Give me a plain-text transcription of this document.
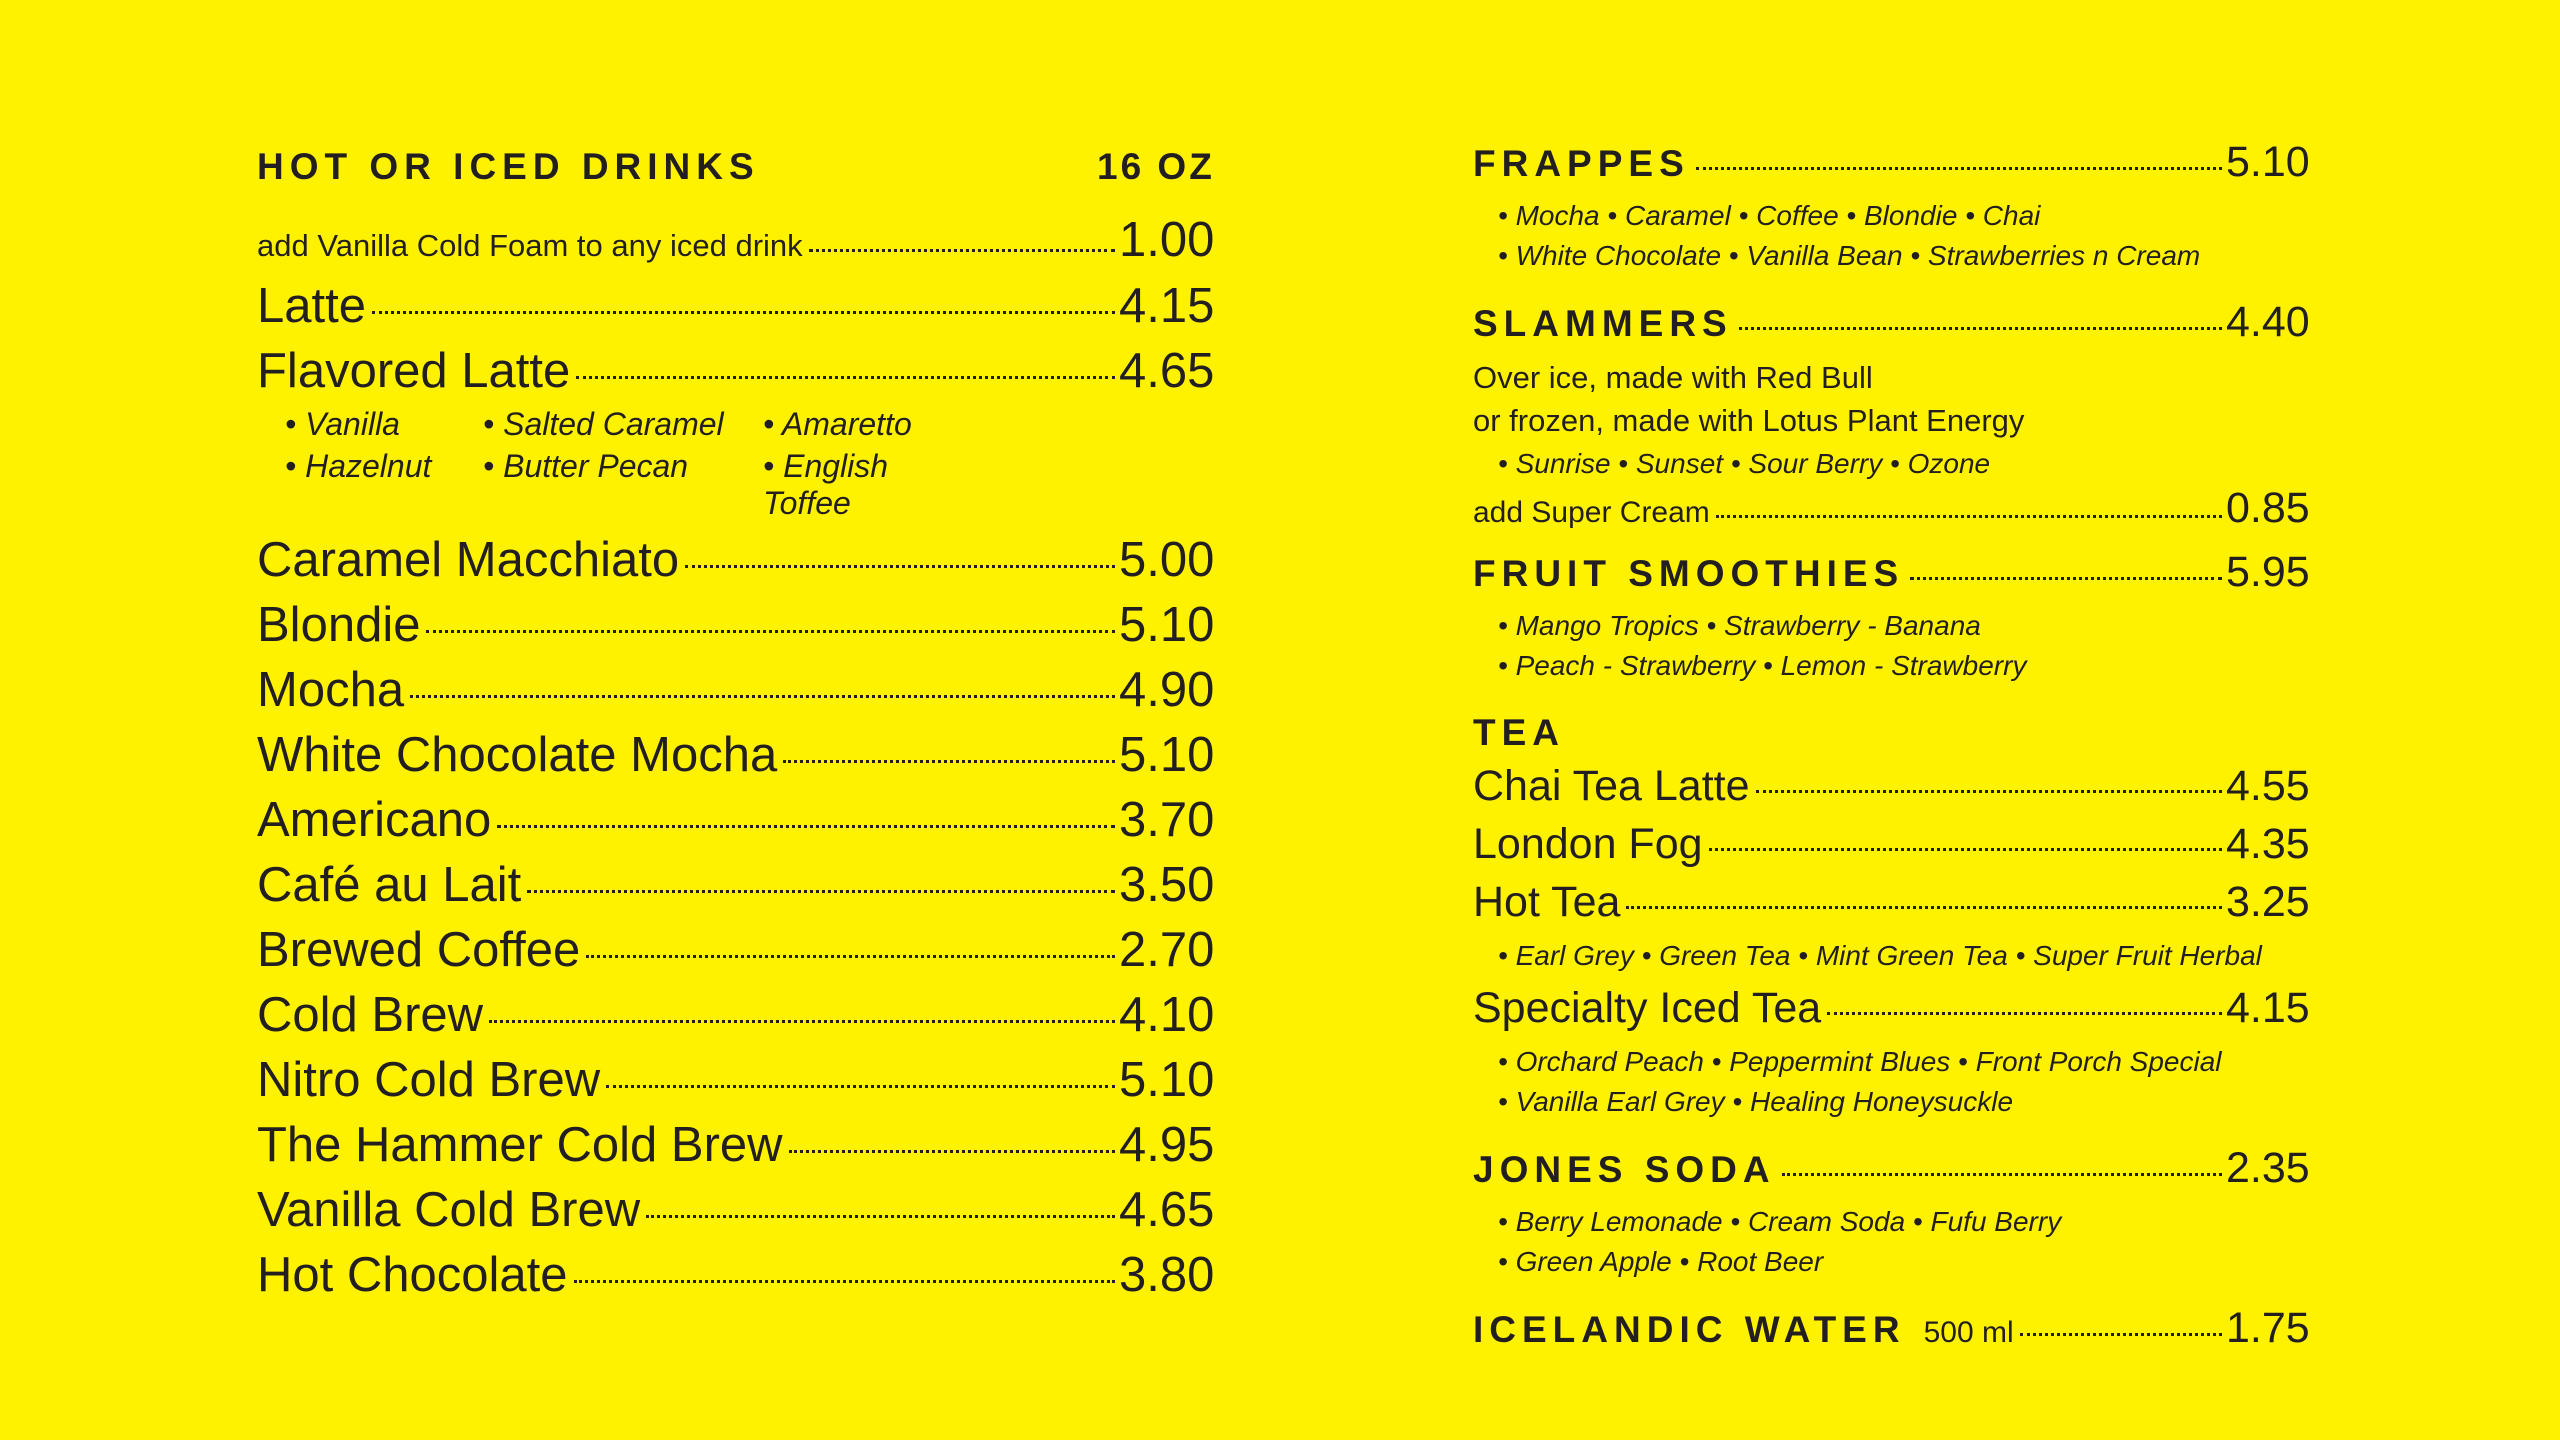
HOT OR ICED DRINKS	16 OZ
add Vanilla Cold Foam to any iced drink	1.00
Latte	4.15
Flavored Latte	4.65
• Vanilla	• Salted Caramel	• Amaretto
• Hazelnut	• Butter Pecan	• English Toffee
Caramel Macchiato	5.00
Blondie	5.10
Mocha	4.90
White Chocolate Mocha	5.10
Americano	3.70
Café au Lait	3.50
Brewed Coffee	2.70
Cold Brew	4.10
Nitro Cold Brew	5.10
The Hammer Cold Brew	4.95
Vanilla Cold Brew	4.65
Hot Chocolate	3.80
FRAPPES	5.10
• Mocha • Caramel • Coffee • Blondie • Chai
• White Chocolate • Vanilla Bean • Strawberries n Cream
SLAMMERS	4.40
Over ice, made with Red Bull
or frozen, made with Lotus Plant Energy
• Sunrise • Sunset • Sour Berry • Ozone
add Super Cream	0.85
FRUIT SMOOTHIES	5.95
• Mango Tropics • Strawberry - Banana
• Peach - Strawberry • Lemon - Strawberry
TEA
Chai Tea Latte	4.55
London Fog	4.35
Hot Tea	3.25
• Earl Grey • Green Tea • Mint Green Tea • Super Fruit Herbal
Specialty Iced Tea	4.15
• Orchard Peach • Peppermint Blues • Front Porch Special
• Vanilla Earl Grey • Healing Honeysuckle
JONES SODA	2.35
• Berry Lemonade • Cream Soda • Fufu Berry
• Green Apple • Root Beer
ICELANDIC WATER 500 ml	1.75
